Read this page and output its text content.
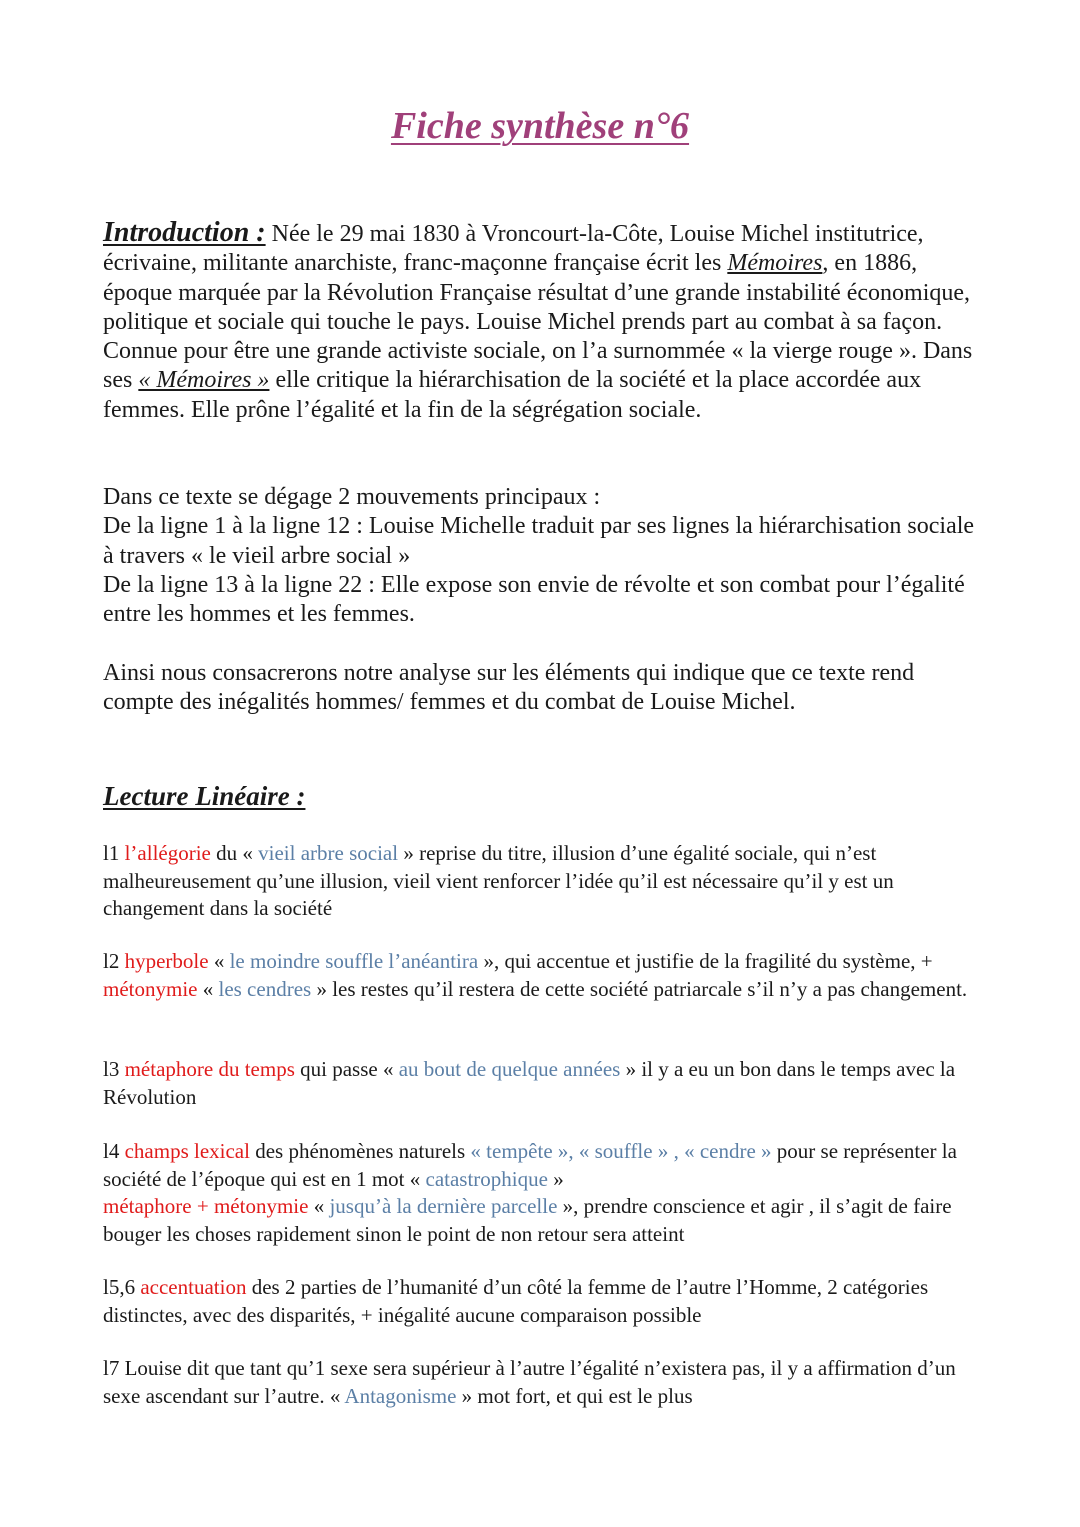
Fiche synthèse n°6

Introduction : Née le 29 mai 1830 à Vroncourt-la-Côte, Louise Michel institutrice, écrivaine, militante anarchiste, franc-maçonne française écrit les Mémoires, en 1886, époque marquée par la Révolution Française résultat d’une grande instabilité économique, politique et sociale qui touche le pays. Louise Michel prends part au combat à sa façon. Connue pour être une grande activiste sociale, on l’a surnommée « la vierge rouge ». Dans ses « Mémoires » elle critique la hiérarchisation de la société et la place accordée aux femmes. Elle prône l’égalité et la fin de la ségrégation sociale.

Dans ce texte se dégage 2 mouvements principaux :
De la ligne 1 à la ligne 12 : Louise Michelle traduit par ses lignes la hiérarchisation sociale à travers « le vieil arbre social »
De la ligne 13 à la ligne 22 : Elle expose son envie de révolte et son combat pour l’égalité entre les hommes et les femmes.

Ainsi nous consacrerons notre analyse sur les éléments qui indique que ce texte rend compte des inégalités hommes/ femmes et du combat de Louise Michel.

Lecture Linéaire :

l1 l’allégorie du « vieil arbre social » reprise du titre, illusion d’une égalité sociale, qui n’est malheureusement qu’une illusion, vieil vient renforcer l’idée qu’il est nécessaire qu’il y est un changement dans la société

l2 hyperbole « le moindre souffle l’anéantira », qui accentue et justifie de la fragilité du système, + métonymie « les cendres » les restes qu’il restera de cette société patriarcale s’il n’y a pas changement.

l3 métaphore du temps qui passe « au bout de quelque années » il y a eu un bon dans le temps avec la Révolution

l4 champs lexical des phénomènes naturels « tempête », « souffle » , « cendre » pour se représenter la société de l’époque qui est en 1 mot « catastrophique »
métaphore + métonymie « jusqu’à la dernière parcelle », prendre conscience et agir , il s’agit de faire bouger les choses rapidement sinon le point de non retour sera atteint

l5,6 accentuation des 2 parties de l’humanité d’un côté la femme de l’autre l’Homme, 2 catégories distinctes, avec des disparités, + inégalité aucune comparaison possible

l7 Louise dit que tant qu’1 sexe sera supérieur à l’autre l’égalité n’existera pas, il y a affirmation d’un sexe ascendant sur l’autre. « Antagonisme » mot fort, et qui est le plus
